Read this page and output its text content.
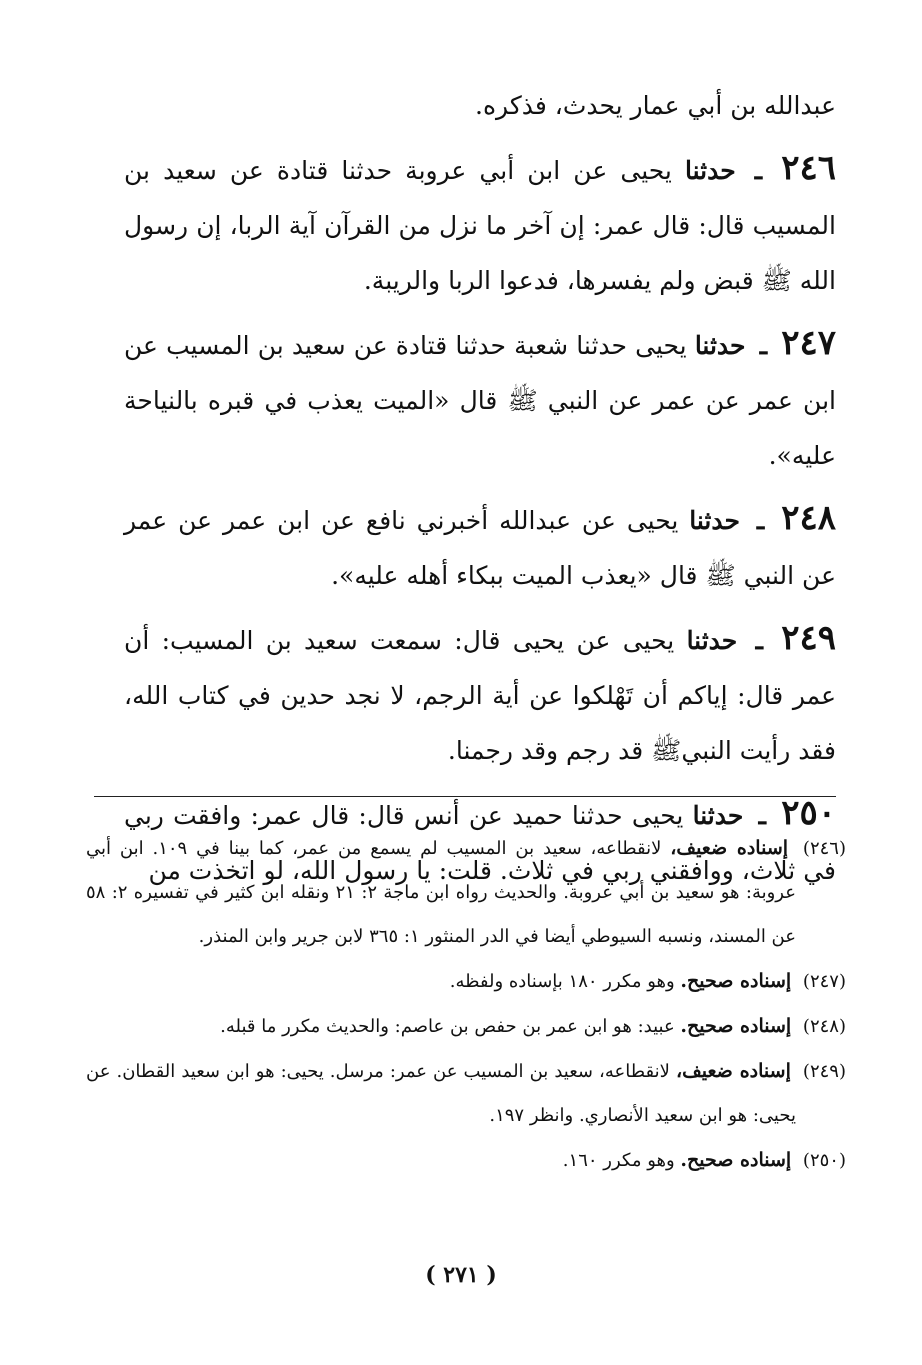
عبدالله بن أبي عمار يحدث، فذكره.

٢٤٦ ـ حدثنا يحيى عن ابن أبي عروبة حدثنا قتادة عن سعيد بن المسيب قال: قال عمر: إن آخر ما نزل من القرآن آية الربا، إن رسول الله ﷺ قبض ولم يفسرها، فدعوا الربا والريبة.

٢٤٧ ـ حدثنا يحيى حدثنا شعبة حدثنا قتادة عن سعيد بن المسيب عن ابن عمر عن عمر عن النبي ﷺ قال «الميت يعذب في قبره بالنياحة عليه».

٢٤٨ ـ حدثنا يحيى عن عبدالله أخبرني نافع عن ابن عمر عن عمر عن النبي ﷺ قال «يعذب الميت ببكاء أهله عليه».

٢٤٩ ـ حدثنا يحيى عن يحيى قال: سمعت سعيد بن المسيب: أن عمر قال: إياكم أن تَهْلكوا عن أية الرجم، لا نجد حدين في كتاب الله، فقد رأيت النبيﷺ قد رجم وقد رجمنا.

٢٥٠ ـ حدثنا يحيى حدثنا حميد عن أنس قال: قال عمر: وافقت ربي في ثلاث، ووافقني ربي في ثلاث. قلت: يا رسول الله، لو اتخذت من

(٢٤٦) إسناده ضعيف، لانقطاعه، سعيد بن المسيب لم يسمع من عمر، كما بينا في ١٠٩. ابن أبي عروبة: هو سعيد بن أبي عروبة. والحديث رواه ابن ماجة ٢: ٢١ ونقله ابن كثير في تفسيره ٢: ٥٨ عن المسند، ونسبه السيوطي أيضا في الدر المنثور ١: ٣٦٥ لابن جرير وابن المنذر.

(٢٤٧) إسناده صحيح. وهو مكرر ١٨٠ بإسناده ولفظه.

(٢٤٨) إسناده صحيح. عبيد: هو ابن عمر بن حفص بن عاصم: والحديث مكرر ما قبله.

(٢٤٩) إسناده ضعيف، لانقطاعه، سعيد بن المسيب عن عمر: مرسل. يحيى: هو ابن سعيد القطان. عن يحيى: هو ابن سعيد الأنصاري. وانظر ١٩٧.

(٢٥٠) إسناده صحيح. وهو مكرر ١٦٠.

( ٢٧١ )
